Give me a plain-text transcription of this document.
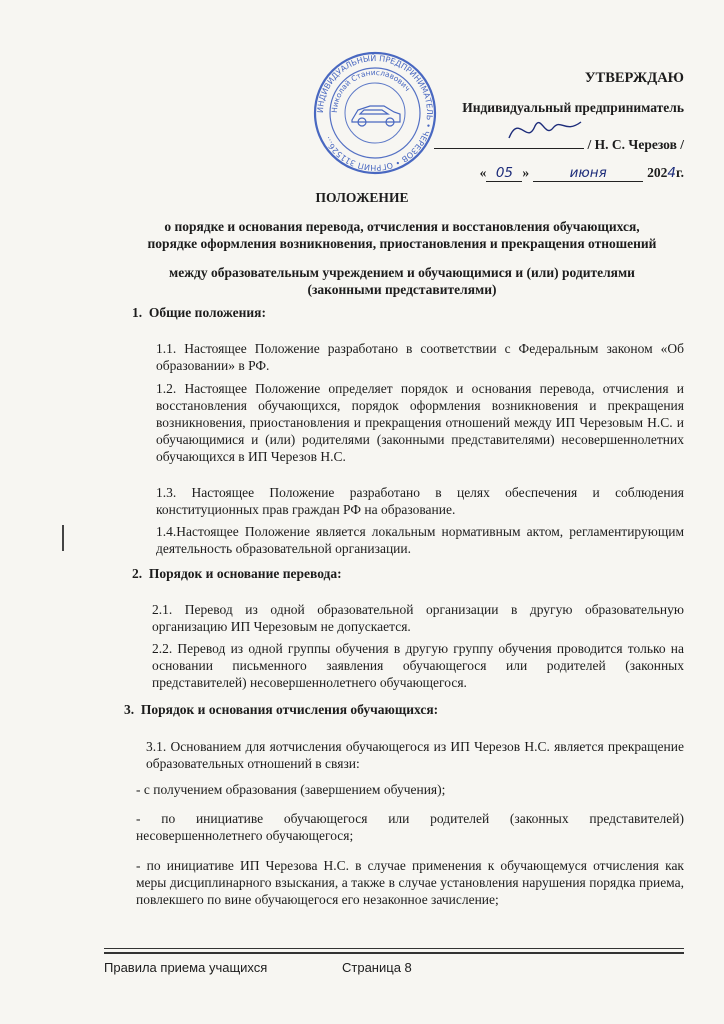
ИНДИВИДУАЛЬНЫЙ ПРЕДПРИНИМАТЕЛЬ • ЧЕРЕЗОВ • ОГРНИП 311526...
Николай Станиславович
УТВЕРЖДАЮ
Индивидуальный предприниматель
/ Н. С. Черезов /
« 05 »	июня	2024г.
ПОЛОЖЕНИЕ
о порядке и основания перевода, отчисления и восстановления обучающихся,
порядке оформления возникновения, приостановления и прекращения отношений
между образовательным учреждением и обучающимися и (или) родителями
(законными представителями)
1. Общие положения:
1.1. Настоящее Положение разработано в соответствии с Федеральным законом «Об образовании» в РФ.
1.2. Настоящее Положение определяет порядок и основания перевода, отчисления и восстановления обучающихся, порядок оформления возникновения и прекращения возникновения, приостановления и прекращения отношений между ИП Черезовым Н.С. и обучающимися и (или) родителями (законными представителями) несовершеннолетних обучающихся в ИП Черезов Н.С.
1.3. Настоящее Положение разработано в целях обеспечения и соблюдения конституционных прав граждан РФ на образование.
1.4.Настоящее Положение является локальным нормативным актом, регламентирующим деятельность образовательной организации.
2. Порядок и основание перевода:
2.1. Перевод из одной образовательной организации в другую образовательную организацию ИП Черезовым не допускается.
2.2. Перевод из одной группы обучения в другую группу обучения проводится только на основании письменного заявления обучающегося или родителей (законных представителей) несовершеннолетнего обучающегося.
3. Порядок и основания отчисления обучающихся:
3.1. Основанием для яотчисления обучающегося из ИП Черезов Н.С. является прекращение образовательных отношений в связи:
- с получением образования (завершением обучения);
- по инициативе обучающегося или родителей (законных представителей) несовершеннолетнего обучающегося;
- по инициативе ИП Черезова Н.С. в случае применения к обучающемуся отчисления как меры дисциплинарного взыскания, а также в случае установления нарушения порядка приема, повлекшего по вине обучающегося его незаконное зачисление;
Правила приема учащихся	Страница 8
